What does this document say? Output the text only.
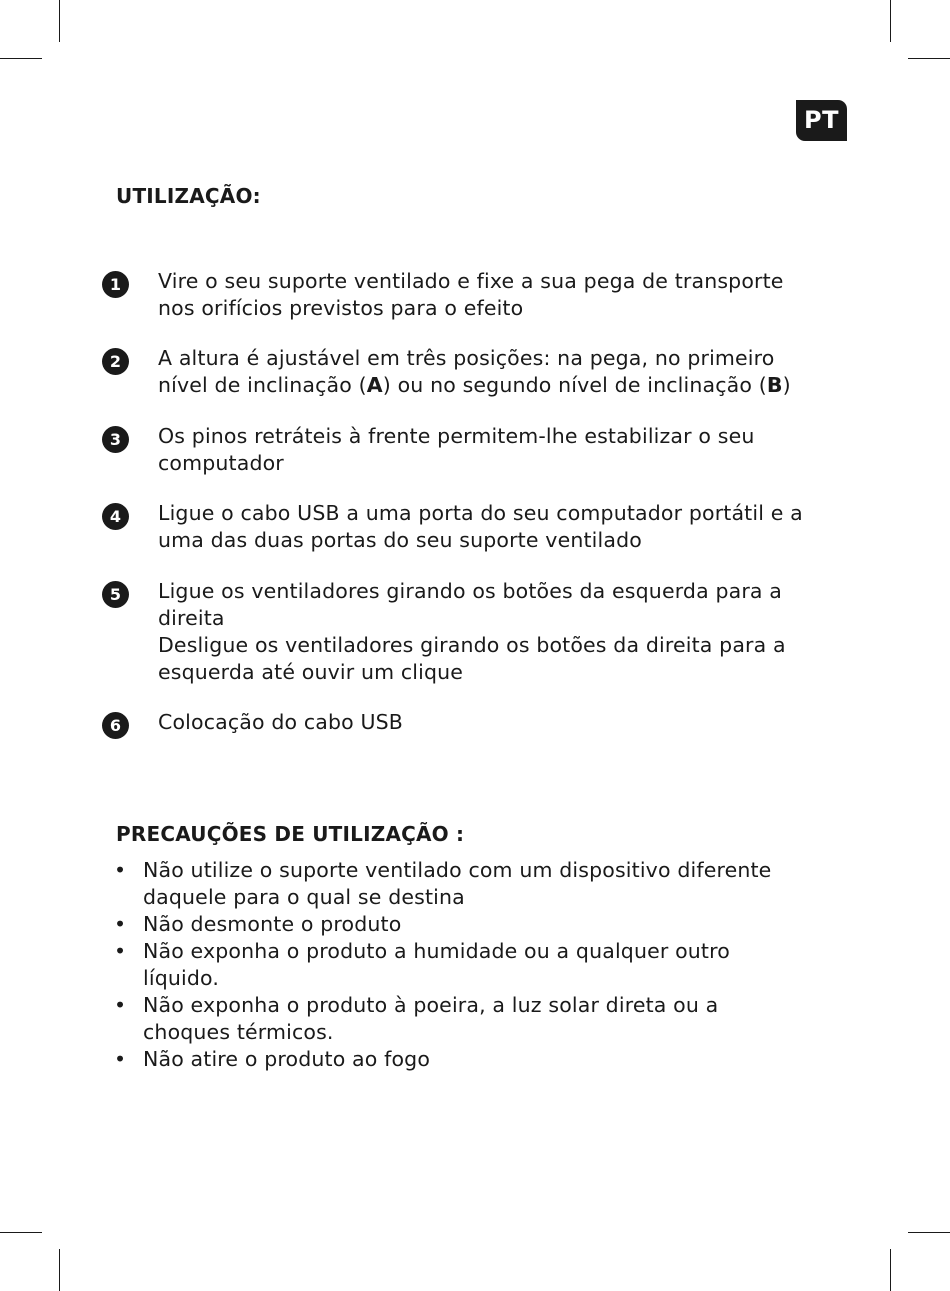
PT
UTILIZAÇÃO:
1	Vire o seu suporte ventilado e fixe a sua pega de transporte
nos orifícios previstos para o efeito
2	A altura é ajustável em três posições: na pega, no primeiro
nível de inclinação (A) ou no segundo nível de inclinação (B)
3	Os pinos retráteis à frente permitem-lhe estabilizar o seu
computador
4	Ligue o cabo USB a uma porta do seu computador portátil e a
uma das duas portas do seu suporte ventilado
5	Ligue os ventiladores girando os botões da esquerda para a
direita
Desligue os ventiladores girando os botões da direita para a
esquerda até ouvir um clique
6	Colocação do cabo USB
PRECAUÇÕES DE UTILIZAÇÃO :
• Não utilize o suporte ventilado com um dispositivo diferente
daquele para o qual se destina
• Não desmonte o produto
• Não exponha o produto a humidade ou a qualquer outro
líquido.
• Não exponha o produto à poeira, a luz solar direta ou a
choques térmicos.
• Não atire o produto ao fogo
